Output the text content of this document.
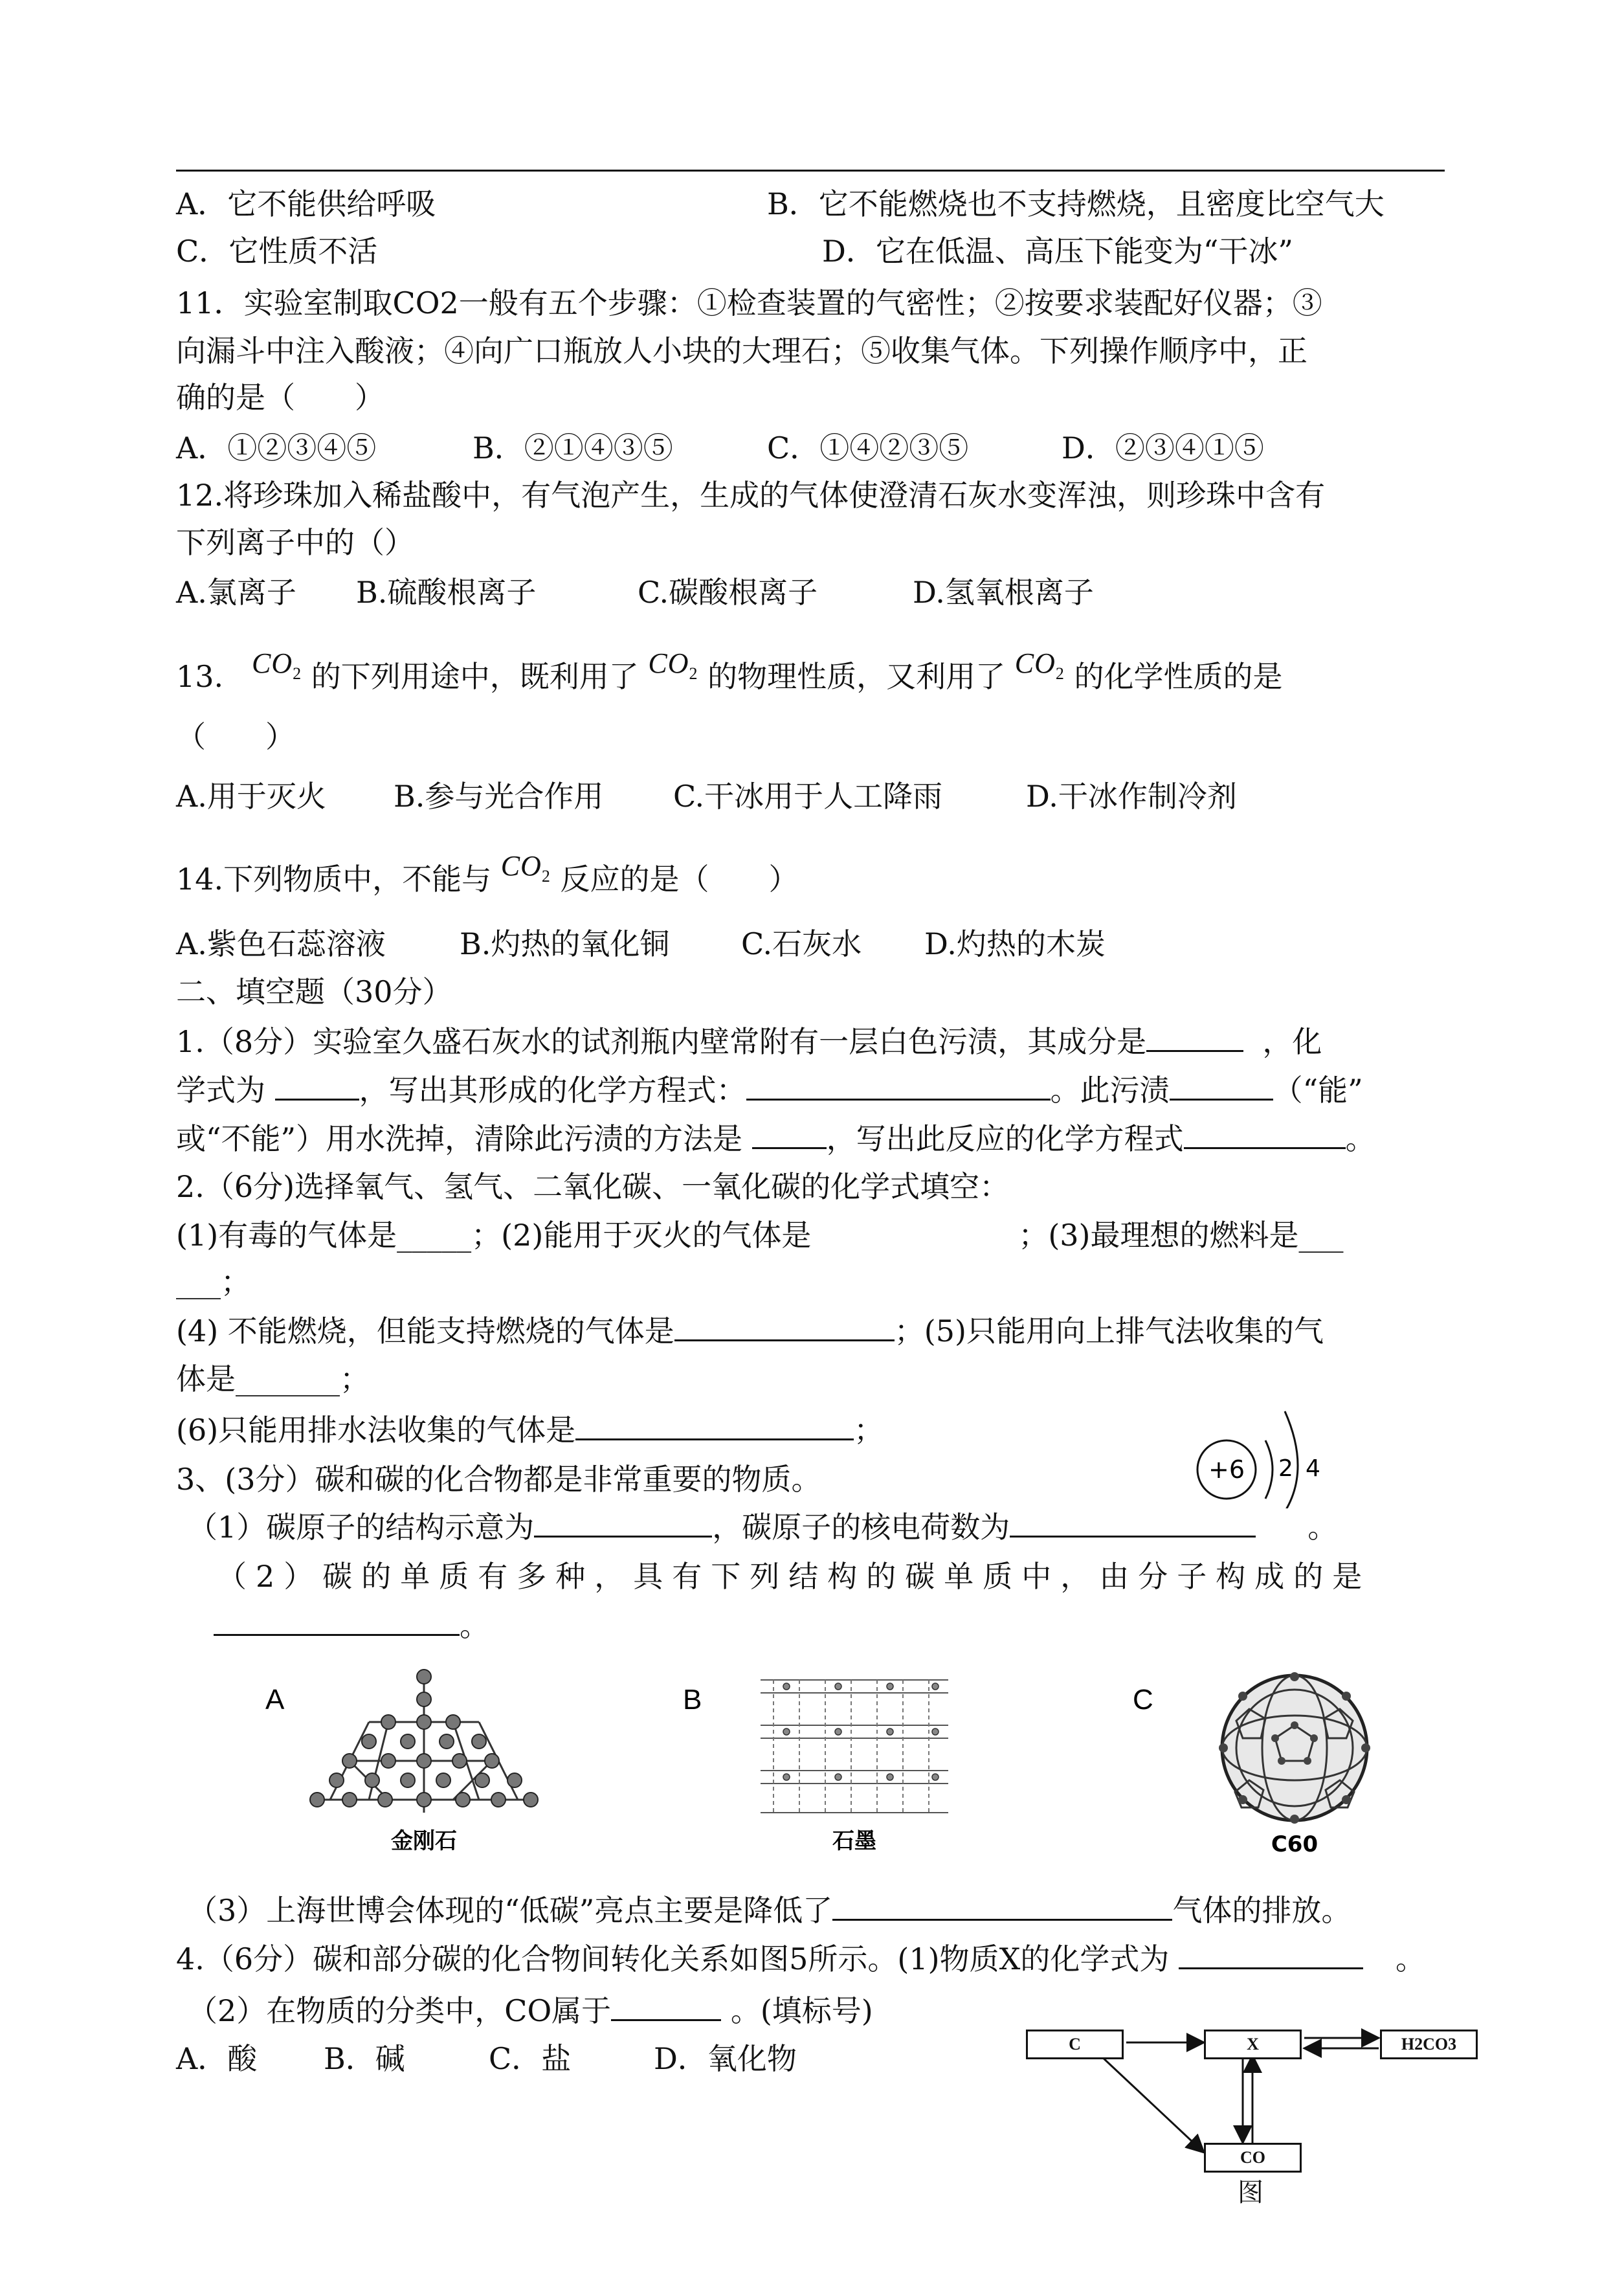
A．它不能供给呼吸	B．它不能燃烧也不支持燃烧，且密度比空气大
C．它性质不活	D．它在低温、高压下能变为“干冰”
11．实验室制取CO2一般有五个步骤：①检查装置的气密性；②按要求装配好仪器；③
向漏斗中注入酸液；④向广口瓶放人小块的大理石；⑤收集气体。下列操作顺序中，正
确的是（　　）
A．①②③④⑤	B．②①④③⑤	C．①④②③⑤	D．②③④①⑤
12.将珍珠加入稀盐酸中，有气泡产生，生成的气体使澄清石灰水变浑浊，则珍珠中含有
下列离子中的（）
A.氯离子 B.硫酸根离子	C.碳酸根离子	D.氢氧根离子
13. $CO_2$ 的下列用途中，既利用了 $CO_2$ 的物理性质，又利用了 $CO_2$ 的化学性质的是
（　　）
A.用于灭火 B.参与光合作用 C.干冰用于人工降雨	D.干冰作制冷剂
14.下列物质中，不能与 $CO_2$ 反应的是（　　）
A.紫色石蕊溶液 B.灼热的氧化铜 C.石灰水 D.灼热的木炭
二、填空题（30分）
1.（8分）实验室久盛石灰水的试剂瓶内壁常附有一层白色污渍，其成分是	，化
学式为	，写出其形成的化学方程式：	。此污渍	（“能”
或“不能”）用水洗掉，清除此污渍的方法是	，写出此反应的化学方程式	。
2.（6分)选择氧气、氢气、二氧化碳、一氧化碳的化学式填空：
(1)有毒的气体是_____；(2)能用于灭火的气体是	；(3)最理想的燃料是___
___；
(4) 不能燃烧，但能支持燃烧的气体是	；(5)只能用向上排气法收集的气
体是_______；
(6)只能用排水法收集的气体是	；
3、(3分）碳和碳的化合物都是非常重要的物质。	+6 2 4
（1）碳原子的结构示意为	，碳原子的核电荷数为	。
（2）碳的单质有多种，具有下列结构的碳单质中，由分子构成的是
。
A
金刚石
B
石墨
C
C60
（3）上海世博会体现的“低碳”亮点主要是降低了	气体的排放。
4.（6分）碳和部分碳的化合物间转化关系如图5所示。(1)物质X的化学式为	。
（2）在物质的分类中，CO属于	。(填标号)
A．酸 B．碱	C．盐	D．氧化物	C	X	H2CO3
CO
图
